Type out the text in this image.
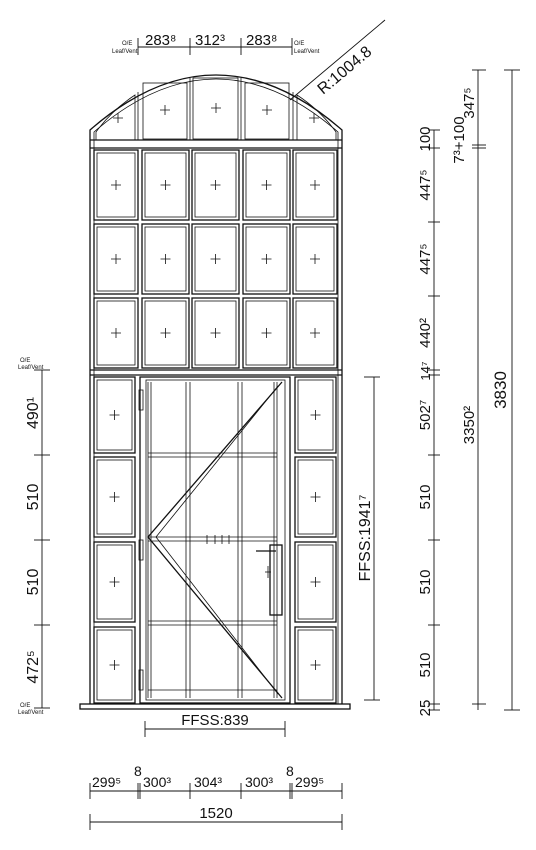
R:1004.8
283⁸ 312³ 283⁸
O/E Leaf/Vent
O/E Leaf/Vent
490¹
510
510
472⁵
O/E Leaf/Vent
O/E Leaf/Vent
FFSS:1941⁷
100
447⁵
447⁵
440²
14⁷
502⁷
510
510
510
25
347⁵
7³+100
3350²
3830
FFSS:839
299⁵
8
300³ 304³ 300³
8
299⁵
1520
